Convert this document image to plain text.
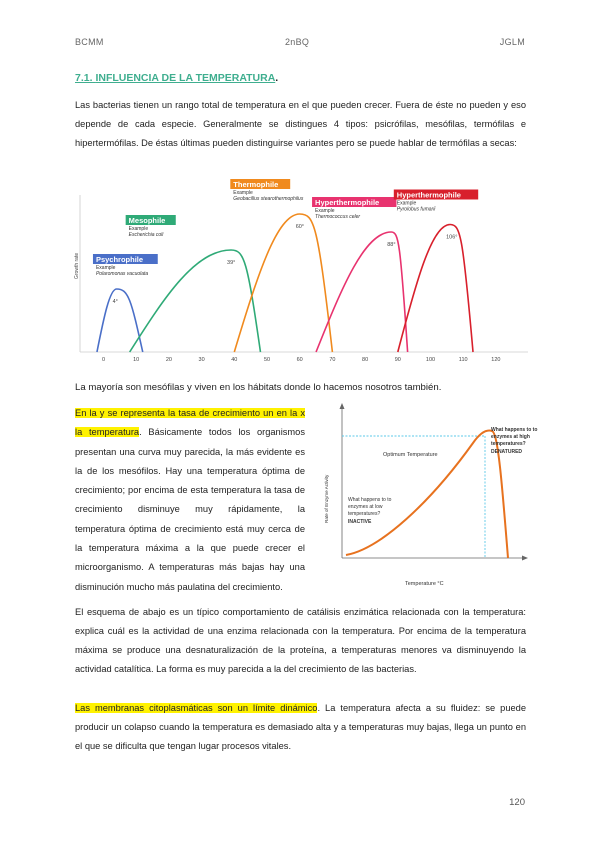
BCMM	2nBQ	JGLM
7.1. INFLUENCIA DE LA TEMPERATURA.
Las bacterias tienen un rango total de temperatura en el que pueden crecer. Fuera de éste no pueden y eso depende de cada especie. Generalmente se distingues 4 tipos: psicrófilas, mesófilas, termófilas e hipertermófilas. De éstas últimas pueden distinguirse variantes pero se puede hablar de termófilas a secas:
Growth rate
0	10	20	30	40	50	60	70	80	90	100	110	120
4°
39°
60°
88°
106°
Psychrophile
Example
Polaromonas vacuolata
Mesophile
Example
Escherichia coli
Thermophile
Example
Geobacillus stearothermophilus Hyperthermophile
Example
Thermococcus celer
Hyperthermophile
Example
Pyrolobus fumarii
La mayoría son mesófilas y viven en los hábitats donde lo hacemos nosotros también.
En la y se representa la tasa de crecimiento un en la x la temperatura. Básicamente todos los organismos presentan una curva muy parecida, la más evidente es la de los mesófilos. Hay una temperatura óptima de crecimiento; por encima de esta temperatura la tasa de crecimiento disminuye muy rápidamente, la temperatura óptima de crecimiento está muy cerca de la temperatura máxima a la que puede crecer el microorganismo. A temperaturas más bajas hay una disminución mucho más paulatina del crecimiento.
Rate of Enzyme Activity
Temperature °C
Optimum Temperature
What happens to to enzymes at low temperatures? INACTIVE
What happens to to enzymes at high temperatures? DENATURED
El esquema de abajo es un típico comportamiento de catálisis enzimática relacionada con la temperatura: explica cuál es la actividad de una enzima relacionada con la temperatura. Por encima de la temperatura máxima se produce una desnaturalización de la proteína, a temperaturas menores va disminuyendo la actividad catalítica. La forma es muy parecida a la del crecimiento de las bacterias.
Las membranas citoplasmáticas son un límite dinámico. La temperatura afecta a su fluidez: se puede producir un colapso cuando la temperatura es demasiado alta y a temperaturas muy bajas, llega un punto en el que se dificulta que tengan lugar procesos vitales.
120
